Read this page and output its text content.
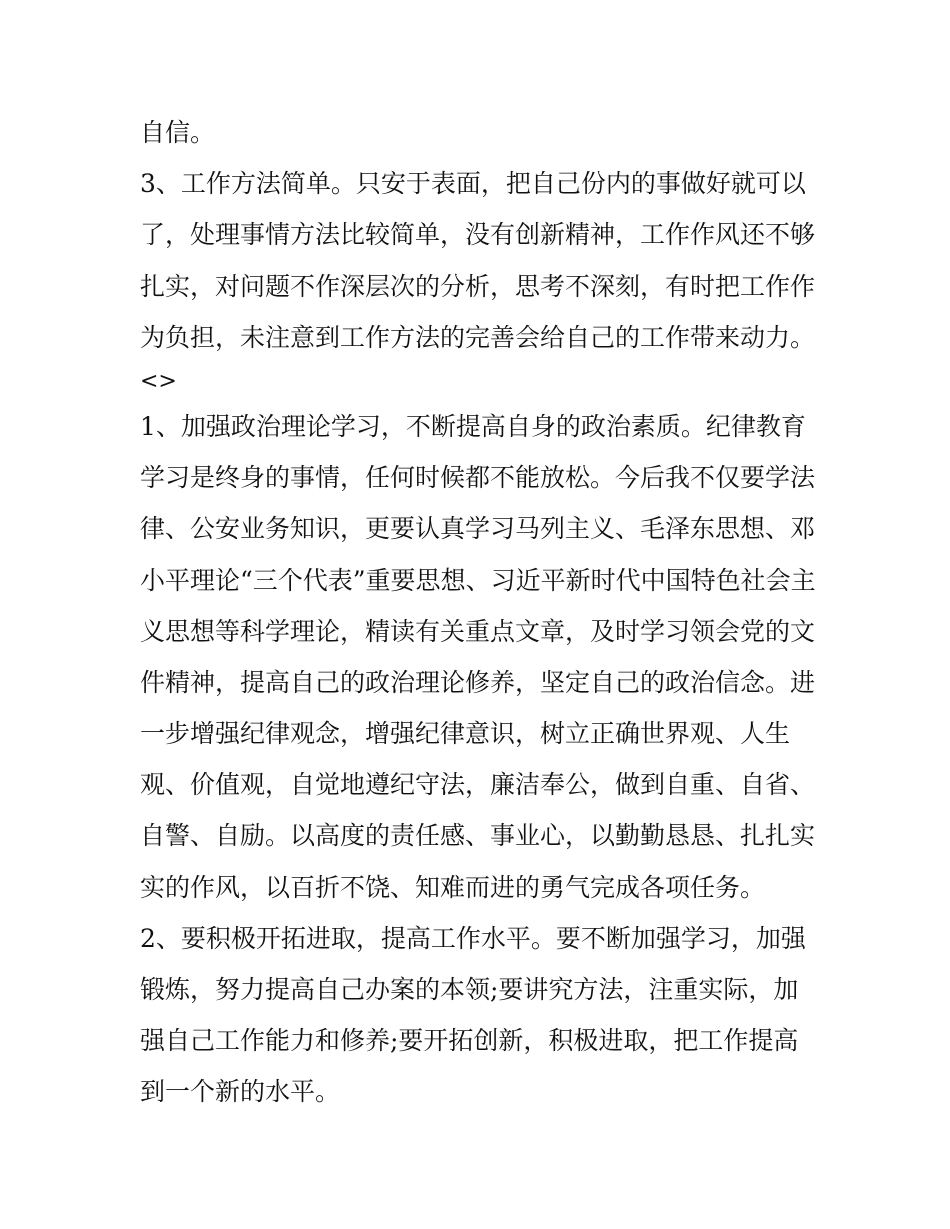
自信。
3、工作方法简单。只安于表面，把自己份内的事做好就可以
了，处理事情方法比较简单，没有创新精神，工作作风还不够
扎实，对问题不作深层次的分析，思考不深刻，有时把工作作
为负担，未注意到工作方法的完善会给自己的工作带来动力。
<>
1、加强政治理论学习，不断提高自身的政治素质。纪律教育
学习是终身的事情，任何时候都不能放松。今后我不仅要学法
律、公安业务知识，更要认真学习马列主义、毛泽东思想、邓
小平理论“三个代表”重要思想、习近平新时代中国特色社会主
义思想等科学理论，精读有关重点文章，及时学习领会党的文
件精神，提高自己的政治理论修养，坚定自己的政治信念。进
一步增强纪律观念，增强纪律意识，树立正确世界观、人生
观、价值观，自觉地遵纪守法，廉洁奉公，做到自重、自省、
自警、自励。以高度的责任感、事业心，以勤勤恳恳、扎扎实
实的作风，以百折不饶、知难而进的勇气完成各项任务。
2、要积极开拓进取，提高工作水平。要不断加强学习，加强
锻炼，努力提高自己办案的本领;要讲究方法，注重实际，加
强自己工作能力和修养;要开拓创新，积极进取，把工作提高
到一个新的水平。
